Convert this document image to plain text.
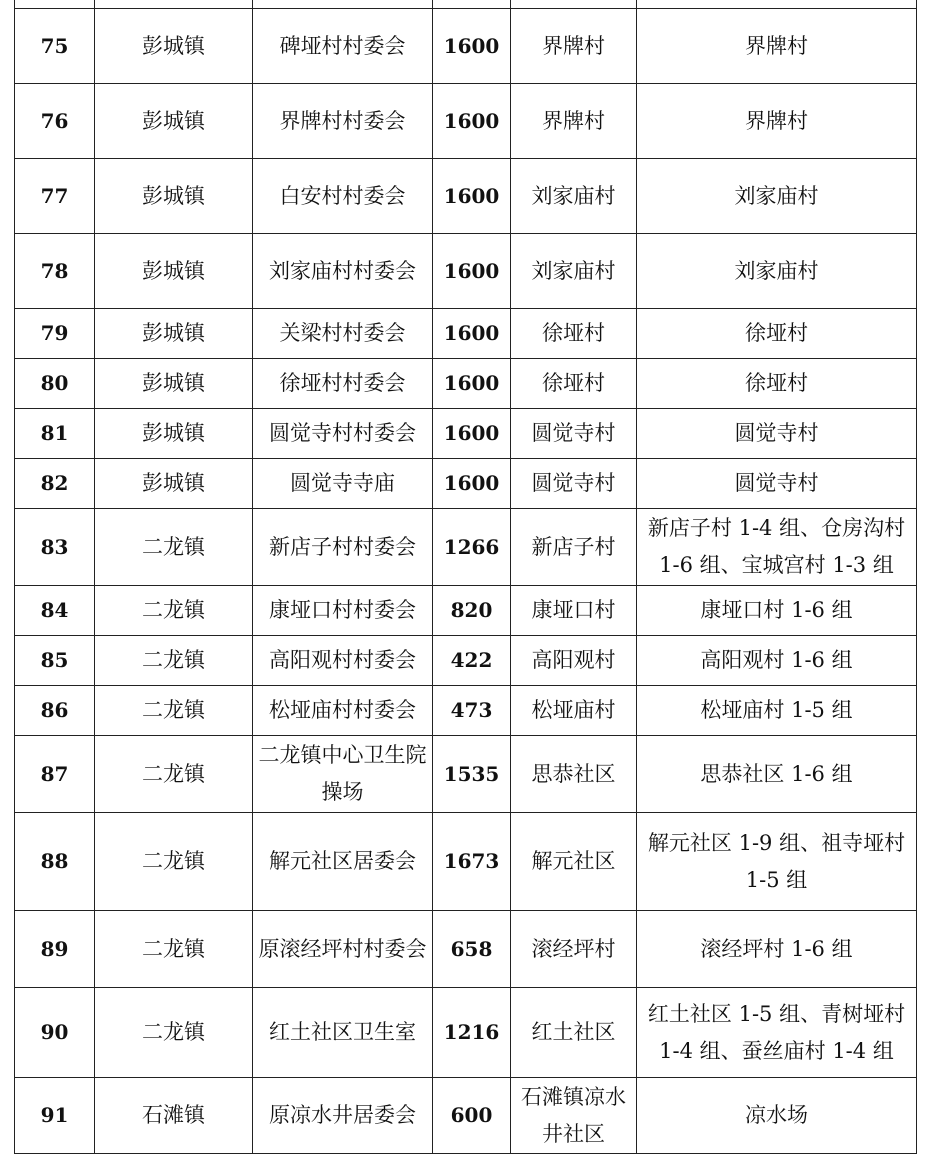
75	彭城镇	碑垭村村委会	1600	界牌村	界牌村
76	彭城镇	界牌村村委会	1600	界牌村	界牌村
77	彭城镇	白安村村委会	1600	刘家庙村	刘家庙村
78	彭城镇	刘家庙村村委会	1600	刘家庙村	刘家庙村
79	彭城镇	关梁村村委会	1600	徐垭村	徐垭村
80	彭城镇	徐垭村村委会	1600	徐垭村	徐垭村
81	彭城镇	圆觉寺村村委会	1600	圆觉寺村	圆觉寺村
82	彭城镇	圆觉寺寺庙	1600	圆觉寺村	圆觉寺村
83	二龙镇	新店子村村委会	1266	新店子村	新店子村 1-4 组、仓房沟村 1-6 组、宝城宫村 1-3 组
84	二龙镇	康垭口村村委会	820	康垭口村	康垭口村 1-6 组
85	二龙镇	高阳观村村委会	422	高阳观村	高阳观村 1-6 组
86	二龙镇	松垭庙村村委会	473	松垭庙村	松垭庙村 1-5 组
87	二龙镇	二龙镇中心卫生院操场	1535	思恭社区	思恭社区 1-6 组
88	二龙镇	解元社区居委会	1673	解元社区	解元社区 1-9 组、祖寺垭村 1-5 组
89	二龙镇	原滚经坪村村委会	658	滚经坪村	滚经坪村 1-6 组
90	二龙镇	红土社区卫生室	1216	红土社区	红土社区 1-5 组、青树垭村 1-4 组、蚕丝庙村 1-4 组
91	石滩镇	原凉水井居委会	600	石滩镇凉水井社区	凉水场
